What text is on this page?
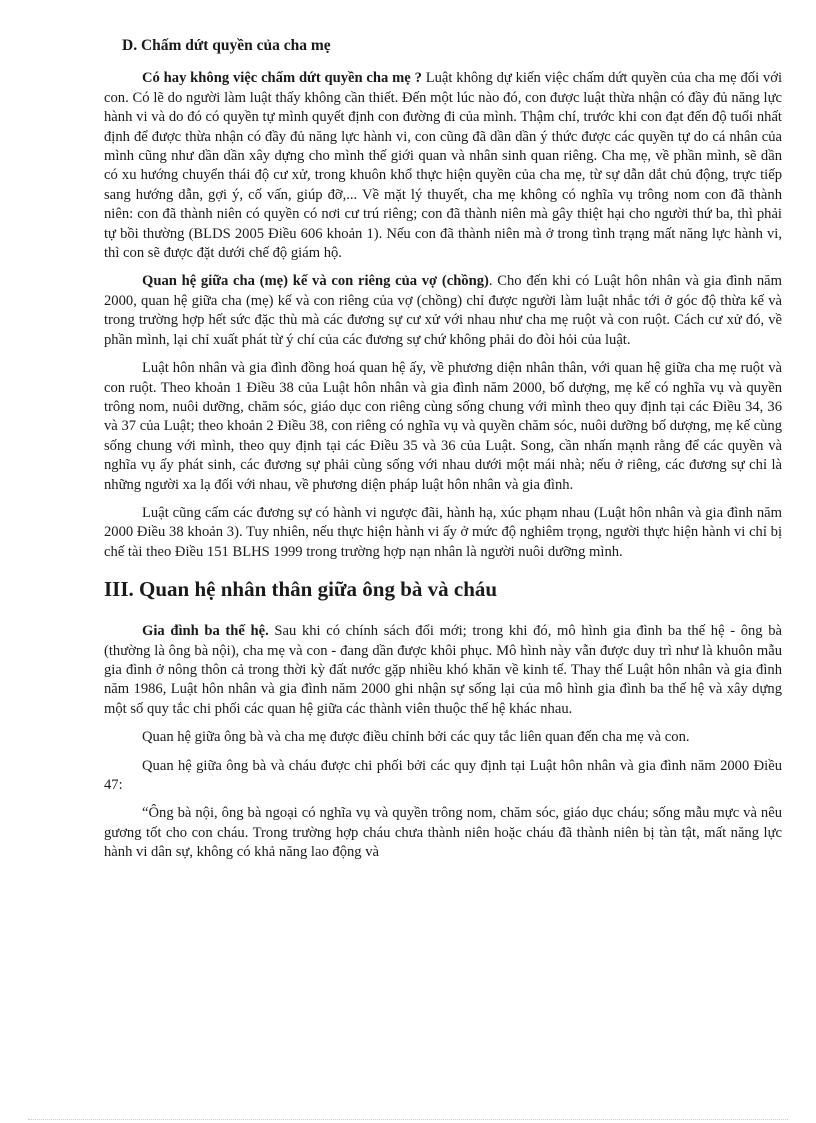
D. Chấm dứt quyền của cha mẹ

Có hay không việc chấm dứt quyền cha mẹ ? Luật không dự kiến việc chấm dứt quyền của cha mẹ đối với con. Có lẽ do người làm luật thấy không cần thiết. Đến một lúc nào đó, con được luật thừa nhận có đầy đủ năng lực hành vi và do đó có quyền tự mình quyết định con đường đi của mình. Thậm chí, trước khi con đạt đến độ tuổi nhất định để được thừa nhận có đầy đủ năng lực hành vi, con cũng đã dần dần ý thức được các quyền tự do cá nhân của mình cũng như dần dần xây dựng cho mình thế giới quan và nhân sinh quan riêng. Cha mẹ, về phần mình, sẽ dần có xu hướng chuyển thái độ cư xử, trong khuôn khổ thực hiện quyền của cha mẹ, từ sự dẫn dắt chủ động, trực tiếp sang hướng dẫn, gợi ý, cố vấn, giúp đỡ,... Về mặt lý thuyết, cha mẹ không có nghĩa vụ trông nom con đã thành niên: con đã thành niên có quyền có nơi cư trú riêng; con đã thành niên mà gây thiệt hại cho người thứ ba, thì phải tự bồi thường (BLDS 2005 Điều 606 khoản 1). Nếu con đã thành niên mà ở trong tình trạng mất năng lực hành vi, thì con sẽ được đặt dưới chế độ giám hộ.

Quan hệ giữa cha (mẹ) kế và con riêng của vợ (chồng). Cho đến khi có Luật hôn nhân và gia đình năm 2000, quan hệ giữa cha (mẹ) kế và con riêng của vợ (chồng) chỉ được người làm luật nhắc tới ở góc độ thừa kế và trong trường hợp hết sức đặc thù mà các đương sự cư xử với nhau như cha mẹ ruột và con ruột. Cách cư xử đó, về phần mình, lại chỉ xuất phát từ ý chí của các đương sự chứ không phải do đòi hỏi của luật.

Luật hôn nhân và gia đình đồng hoá quan hệ ấy, về phương diện nhân thân, với quan hệ giữa cha mẹ ruột và con ruột. Theo khoản 1 Điều 38 của Luật hôn nhân và gia đình năm 2000, bố dượng, mẹ kế có nghĩa vụ và quyền trông nom, nuôi dưỡng, chăm sóc, giáo dục con riêng cùng sống chung với mình theo quy định tại các Điều 34, 36 và 37 của Luật; theo khoản 2 Điều 38, con riêng có nghĩa vụ và quyền chăm sóc, nuôi dưỡng bố dượng, mẹ kế cùng sống chung với mình, theo quy định tại các Điều 35 và 36 của Luật. Song, cần nhấn mạnh rằng để các quyền và nghĩa vụ ấy phát sinh, các đương sự phải cùng sống với nhau dưới một mái nhà; nếu ở riêng, các đương sự chỉ là những người xa lạ đối với nhau, về phương diện pháp luật hôn nhân và gia đình.

Luật cũng cấm các đương sự có hành vi ngược đãi, hành hạ, xúc phạm nhau (Luật hôn nhân và gia đình năm 2000 Điều 38 khoản 3). Tuy nhiên, nếu thực hiện hành vi ấy ở mức độ nghiêm trọng, người thực hiện hành vi chỉ bị chế tài theo Điều 151 BLHS 1999 trong trường hợp nạn nhân là người nuôi dưỡng mình.

III. Quan hệ nhân thân giữa ông bà và cháu

Gia đình ba thế hệ. Sau khi có chính sách đổi mới; trong khi đó, mô hình gia đình ba thế hệ - ông bà (thường là ông bà nội), cha mẹ và con - đang dần được khôi phục. Mô hình này vẫn được duy trì như là khuôn mẫu gia đình ở nông thôn cả trong thời kỳ đất nước gặp nhiều khó khăn về kinh tế. Thay thế Luật hôn nhân và gia đình năm 1986, Luật hôn nhân và gia đình năm 2000 ghi nhận sự sống lại của mô hình gia đình ba thế hệ và xây dựng một số quy tắc chi phối các quan hệ giữa các thành viên thuộc thế hệ khác nhau.

Quan hệ giữa ông bà và cha mẹ được điều chỉnh bởi các quy tắc liên quan đến cha mẹ và con.

Quan hệ giữa ông bà và cháu được chi phối bởi các quy định tại Luật hôn nhân và gia đình năm 2000 Điều 47:

“Ông bà nội, ông bà ngoại có nghĩa vụ và quyền trông nom, chăm sóc, giáo dục cháu; sống mẫu mực và nêu gương tốt cho con cháu. Trong trường hợp cháu chưa thành niên hoặc cháu đã thành niên bị tàn tật, mất năng lực hành vi dân sự, không có khả năng lao động và
